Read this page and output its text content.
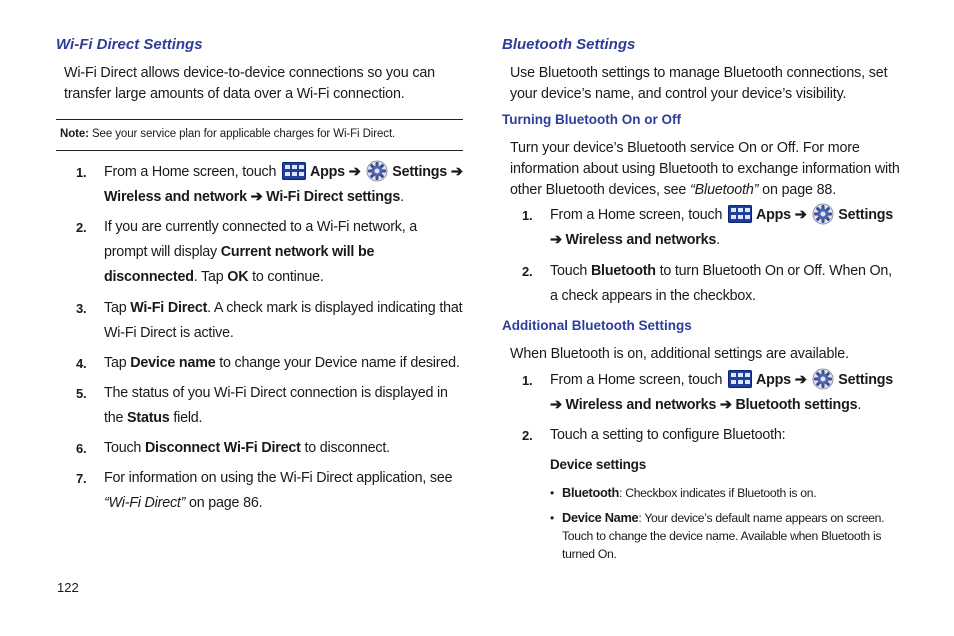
Wi-Fi Direct Settings

Wi-Fi Direct allows device-to-device connections so you can transfer large amounts of data over a Wi-Fi connection.

Note: See your service plan for applicable charges for Wi-Fi Direct.
1. From a Home screen, touch
Apps ➔ Settings ➔
Wireless and network ➔ Wi-Fi Direct settings.
2. If you are currently connected to a Wi-Fi network, a prompt will display Current network will be disconnected. Tap OK to continue.
3. Tap Wi-Fi Direct. A check mark is displayed indicating that Wi-Fi Direct is active.
4. Tap Device name to change your Device name if desired.
5. The status of you Wi-Fi Direct connection is displayed in the Status field.
6. Touch Disconnect Wi-Fi Direct to disconnect.
7. For information on using the Wi-Fi Direct application, see
“Wi-Fi Direct” on page 86.
Bluetooth Settings

Use Bluetooth settings to manage Bluetooth connections, set your device’s name, and control your device’s visibility.

Turning Bluetooth On or Off

Turn your device’s Bluetooth service On or Off. For more information about using Bluetooth to exchange information with other Bluetooth devices, see “Bluetooth” on page 88.

1. From a Home screen, touch
Apps ➔ Settings
➔ Wireless and networks.
2. Touch Bluetooth to turn Bluetooth On or Off. When On, a check appears in the checkbox.
Additional Bluetooth Settings

When Bluetooth is on, additional settings are available.

1. From a Home screen, touch
Apps ➔ Settings
➔ Wireless and networks ➔ Bluetooth settings.
2. Touch a setting to configure Bluetooth:
Device settings
• Bluetooth: Checkbox indicates if Bluetooth is on.
• Device Name: Your device’s default name appears on screen. Touch to change the device name. Available when Bluetooth is turned On.
122
